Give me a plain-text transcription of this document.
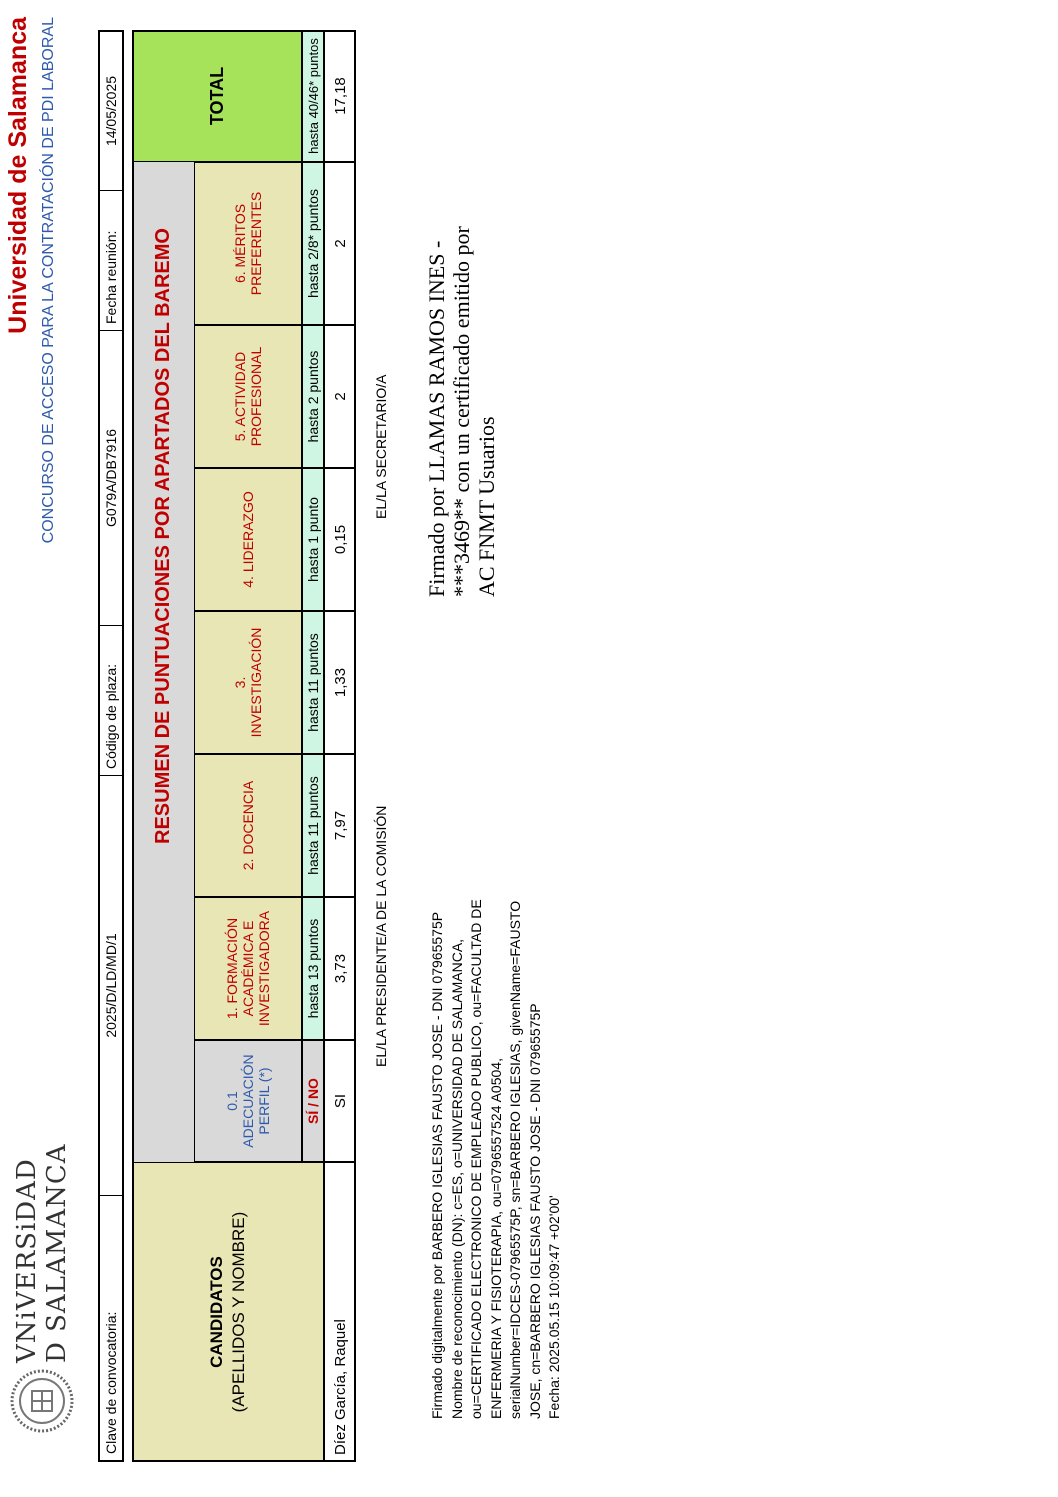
VNiVERSiDAD D SALAMANCA
Universidad de Salamanca CONCURSO DE ACCESO PARA LA CONTRATACIÓN DE PDI LABORAL
Clave de convocatoria:
2025/D/LD/MD/1
Código de plaza:
G079A/DB7916
Fecha reunión:
14/05/2025
RESUMEN DE PUNTUACIONES POR APARTADOS DEL BAREMO
CANDIDATOS (APELLIDOS Y NOMBRE)
0.1 ADECUACIÓN PERFIL (*) SÍ / NO
1. FORMACIÓN ACADÉMICA E INVESTIGADORA
2. DOCENCIA
3. INVESTIGACIÓN
4. LIDERAZGO
5. ACTIVIDAD PROFESIONAL
6. MÉRITOS PREFERENTES
TOTAL
hasta 13 puntos
hasta 11 puntos
hasta 11 puntos
hasta 1 punto
hasta 2 puntos
hasta 2/8* puntos
hasta 40/46* puntos
Díez García, Raquel
SI
3,73
7,97
1,33
0,15
2
2
17,18
EL/LA PRESIDENTE/A DE LA COMISIÓN
EL/LA SECRETARIO/A
Firmado digitalmente por BARBERO IGLESIAS FAUSTO JOSE - DNI 07965575P
Nombre de reconocimiento (DN): c=ES, o=UNIVERSIDAD DE SALAMANCA,
ou=CERTIFICADO ELECTRONICO DE EMPLEADO PUBLICO, ou=FACULTAD DE
ENFERMERIA Y FISIOTERAPIA, ou=0796557524 A0504,
serialNumber=IDCES-07965575P, sn=BARBERO IGLESIAS, givenName=FAUSTO
JOSE, cn=BARBERO IGLESIAS FAUSTO JOSE - DNI 07965575P
Fecha: 2025.05.15 10:09:47 +02'00'
Firmado por LLAMAS RAMOS INES -
***3469** con un certificado emitido por
AC FNMT Usuarios
